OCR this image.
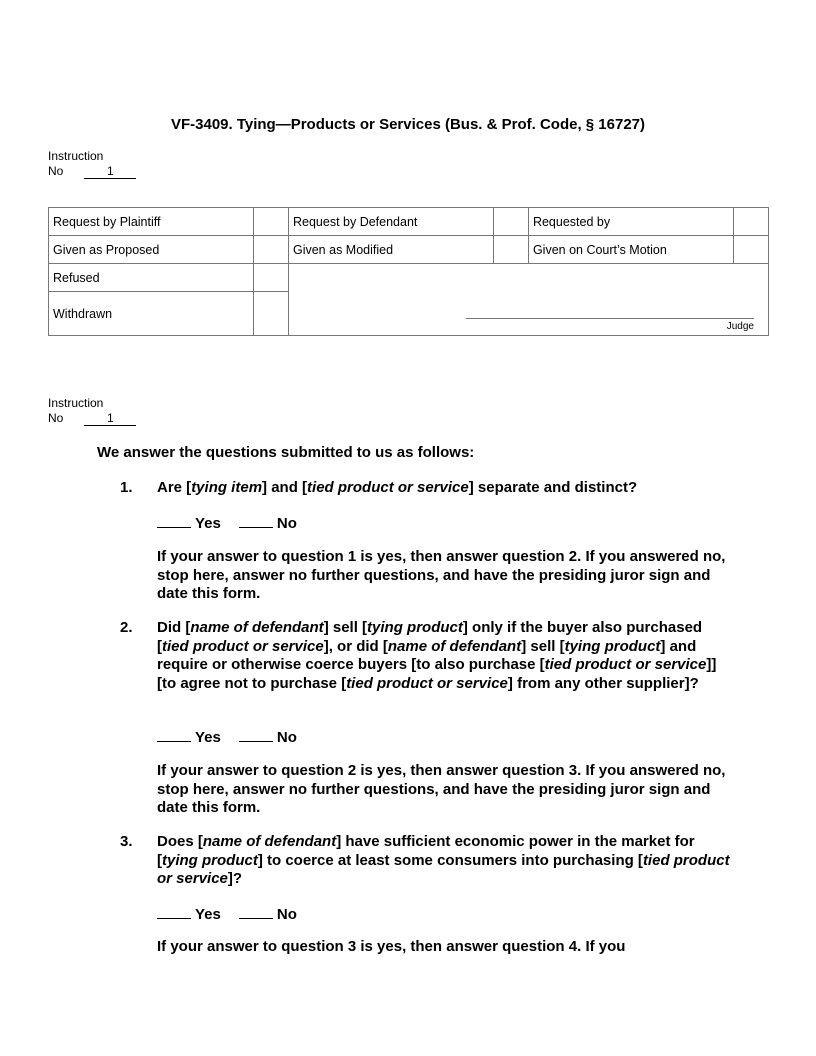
VF-3409. Tying—Products or Services (Bus. & Prof. Code, § 16727)
Instruction
No	1
Request by Plaintiff		Request by Defendant		Requested by	
Given as Proposed		Given as Modified		Given on Court’s Motion	
Refused		Judge			

Withdrawn					
Instruction
No	1
We answer the questions submitted to us as follows:
1. Are [tying item] and [tied product or service] separate and distinct?
Yes	No
If your answer to question 1 is yes, then answer question 2. If you answered no, stop here, answer no further questions, and have the presiding juror sign and date this form.
2. Did [name of defendant] sell [tying product] only if the buyer also purchased [tied product or service], or did [name of defendant] sell [tying product] and require or otherwise coerce buyers [to also purchase [tied product or service]] [to agree not to purchase [tied product or service] from any other supplier]?
Yes	No
If your answer to question 2 is yes, then answer question 3. If you answered no, stop here, answer no further questions, and have the presiding juror sign and date this form.
3. Does [name of defendant] have sufficient economic power in the market for [tying product] to coerce at least some consumers into purchasing [tied product or service]?
Yes	No
If your answer to question 3 is yes, then answer question 4. If you
